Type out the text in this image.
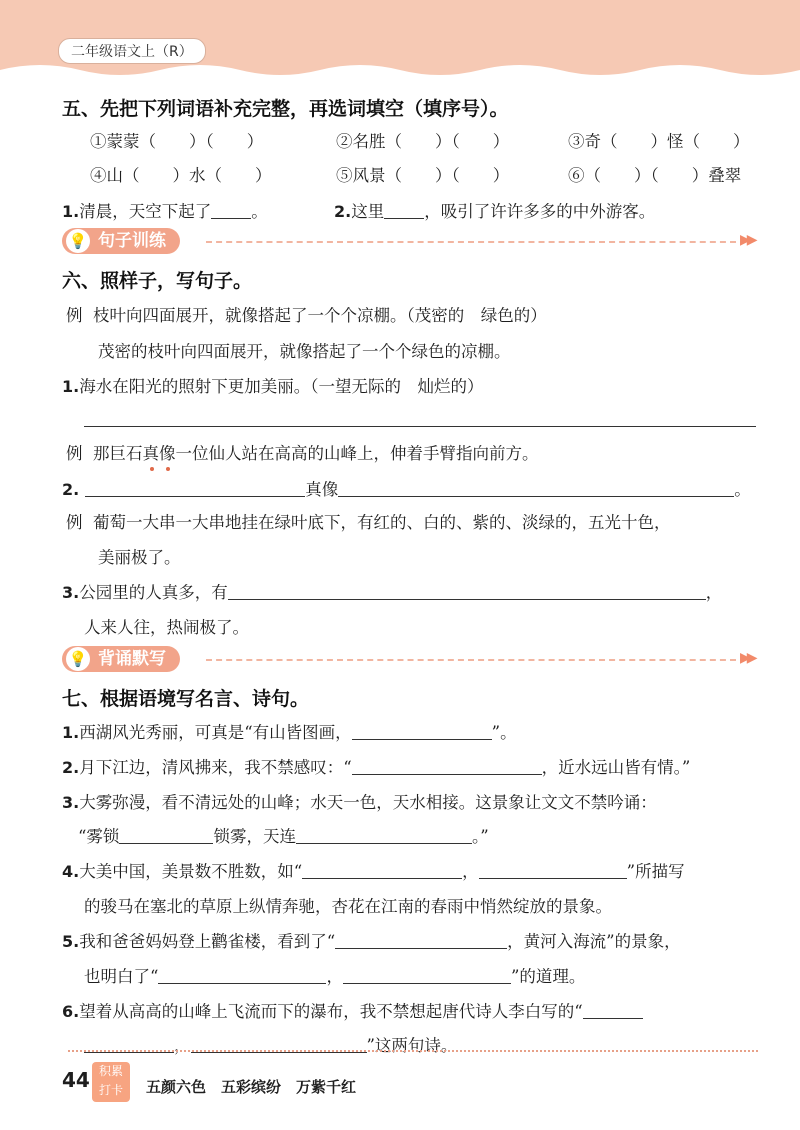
二年级语文上（R）
五、先把下列词语补充完整，再选词填空（填序号）。
①蒙蒙（　　）（　　）	②名胜（　　）（　　）	③奇（　　）怪（　　）
④山（　　）水（　　）	⑤风景（　　）（　　）	⑥（　　）（　　）叠翠
1.清晨，天空下起了 。	2.这里 ，吸引了许许多多的中外游客。
💡 句子训练	▶▶
六、照样子，写句子。
例 枝叶向四面展开，就像搭起了一个个凉棚。（茂密的　绿色的）
茂密的枝叶向四面展开，就像搭起了一个个绿色的凉棚。
1.海水在阳光的照射下更加美丽。（一望无际的　灿烂的）
例 那巨石真像一位仙人站在高高的山峰上，伸着手臂指向前方。
2.	真像	。
例 葡萄一大串一大串地挂在绿叶底下，有红的、白的、紫的、淡绿的，五光十色，
美丽极了。
3.公园里的人真多，有	，
人来人往，热闹极了。
💡 背诵默写	▶▶
七、根据语境写名言、诗句。
1.西湖风光秀丽，可真是“有山皆图画，	”。
2.月下江边，清风拂来，我不禁感叹：“	，近水远山皆有情。”
3.大雾弥漫，看不清远处的山峰；水天一色，天水相接。这景象让文文不禁吟诵：
“雾锁	锁雾，天连	。”
4.大美中国，美景数不胜数，如“	，	”所描写
的骏马在塞北的草原上纵情奔驰，杏花在江南的春雨中悄然绽放的景象。
5.我和爸爸妈妈登上鹳雀楼，看到了“	，黄河入海流”的景象，
也明白了“	，	”的道理。
6.望着从高高的山峰上飞流而下的瀑布，我不禁想起唐代诗人李白写的“
，	”这两句诗。
44 积累
打卡	五颜六色　五彩缤纷　万紫千红
